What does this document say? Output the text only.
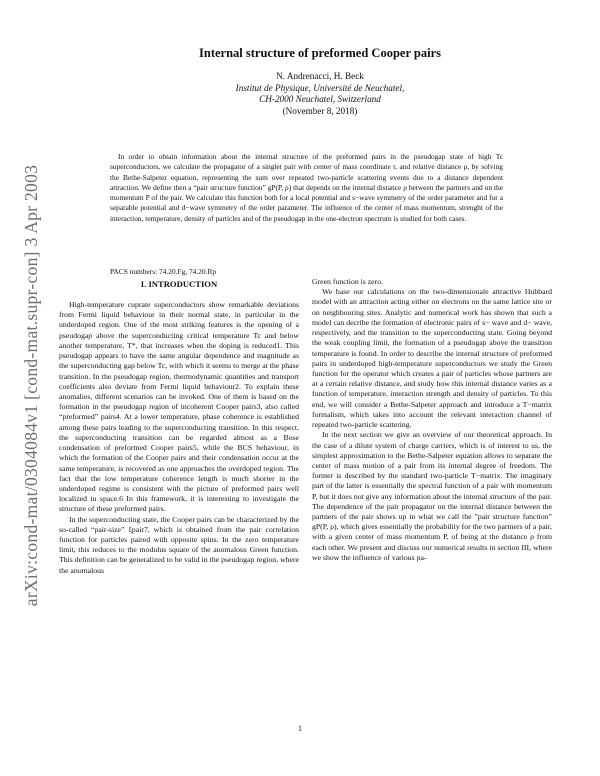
arXiv:cond-mat/0304084v1 [cond-mat.supr-con] 3 Apr 2003

Internal structure of preformed Cooper pairs

N. Andrenacci, H. Beck

Institut de Physique, Université de Neuchatel,

CH-2000 Neuchatel, Switzerland

(November 8, 2018)

In order to obtain information about the internal structure of the preformed pairs in the pseudogap state of high Tc superconductors, we calculate the propagator of a singlet pair with center of mass coordinate r, and relative distance ρ, by solving the Bethe-Salpeter equation, representing the sum over repeated two-particle scattering events due to a distance dependent attraction. We define then a “pair structure function” gP(P, ρ) that depends on the internal distance ρ between the partners and on the momentum P of the pair. We calculate this function both for a local potential and s−wave symmetry of the order parameter and for a separable potential and d−wave symmetry of the order parameter. The influence of the center of mass momentum, strenght of the interaction, temperature, density of particles and of the pseudogap in the one-electron spectrum is studied for both cases.

PACS numbers: 74.20.Fg, 74.20.Rp

I. INTRODUCTION

High-temperature cuprate superconductors show remarkable deviations from Fermi liquid behaviour in their normal state, in particular in the underdoped region. One of the most striking features is the opening of a pseudogap above the superconducting critical temperature Tc and below another temperature, T*, that increases when the doping is reduced1. This pseudogap appears to have the same angular dependence and magnitude as the superconducting gap below Tc, with which it seems to merge at the phase transition. In the pseudogap region, thermodynamic quantities and transport coefficients also deviate from Fermi liquid behaviour2. To explain these anomalies, different scenarios can be invoked. One of them is based on the formation in the pseudogap region of incoherent Cooper pairs3, also called “preformed” pairs4. At a lower temperature, phase coherence is established among these pairs leading to the superconducting transition. In this respect, the superconducting transition can be regarded almost as a Bose condensation of preformed Cooper pairs5, while the BCS behaviour, in which the formation of the Cooper pairs and their condensation occur at the same temperature, is recovered as one approaches the overdoped region. The fact that the low temperature coherence length is much shorter in the underdoped regime is consistent with the picture of preformed pairs well localized in space.6 In this framework, it is interesting to investigate the structure of these preformed pairs.

In the superconducting state, the Cooper pairs can be characterized by the so-called “pair-size” ξpair7, which is obtained from the pair correlation function for particles paired with opposite spins. In the zero temperature limit, this reduces to the modulus square of the anomalous Green function. This definition can be generalized to be valid in the pseudogap region, where the anomalous

Green function is zero.

We base our calculations on the two-dimensionale attractive Hubbard model with an attraction acting either on electrons on the same lattice site or on neighbouring sites. Analytic and numerical work has shown that such a model can decribe the formation of electronic pairs of s− wave and d− wave, respectively, and the transition to the superconducting state. Going beyond the weak coupling limit, the formation of a pseudogap above the transition temperature is found. In order to describe the internal structure of preformed pairs in underdoped high-temperature superconductors we study the Green function for the operator which creates a pair of particles whose partners are at a certain relative distance, and study how this internal distance varies as a function of temperature, interaction strength and density of particles. To this end, we will consider a Bethe-Salpeter approach and introduce a T−matrix formalism, which takes into account the relevant interaction channel of repeated two-particle scattering.

In the next section we give an overview of our theoretical approach. In the case of a dilute system of charge carriers, which is of interest to us, the simplest approximation to the Bethe-Salpeter equation allows to separate the center of mass motion of a pair from its internal degree of freedom. The former is described by the standard two-particle T−matrix. The imaginary part of the latter is essentially the spectral function of a pair with momentum P, but it does not give any information about the internal structure of the pair. The dependence of the pair propagator on the internal distance between the partners of the pair shows up in what we call the ”pair structure function” gP(P, ρ), which gives essentially the probability for the two partners of a pair, with a given center of mass momentum P, of being at the distance ρ from each other. We present and discuss our numerical results in section III, where we show the influence of various pa-

1
